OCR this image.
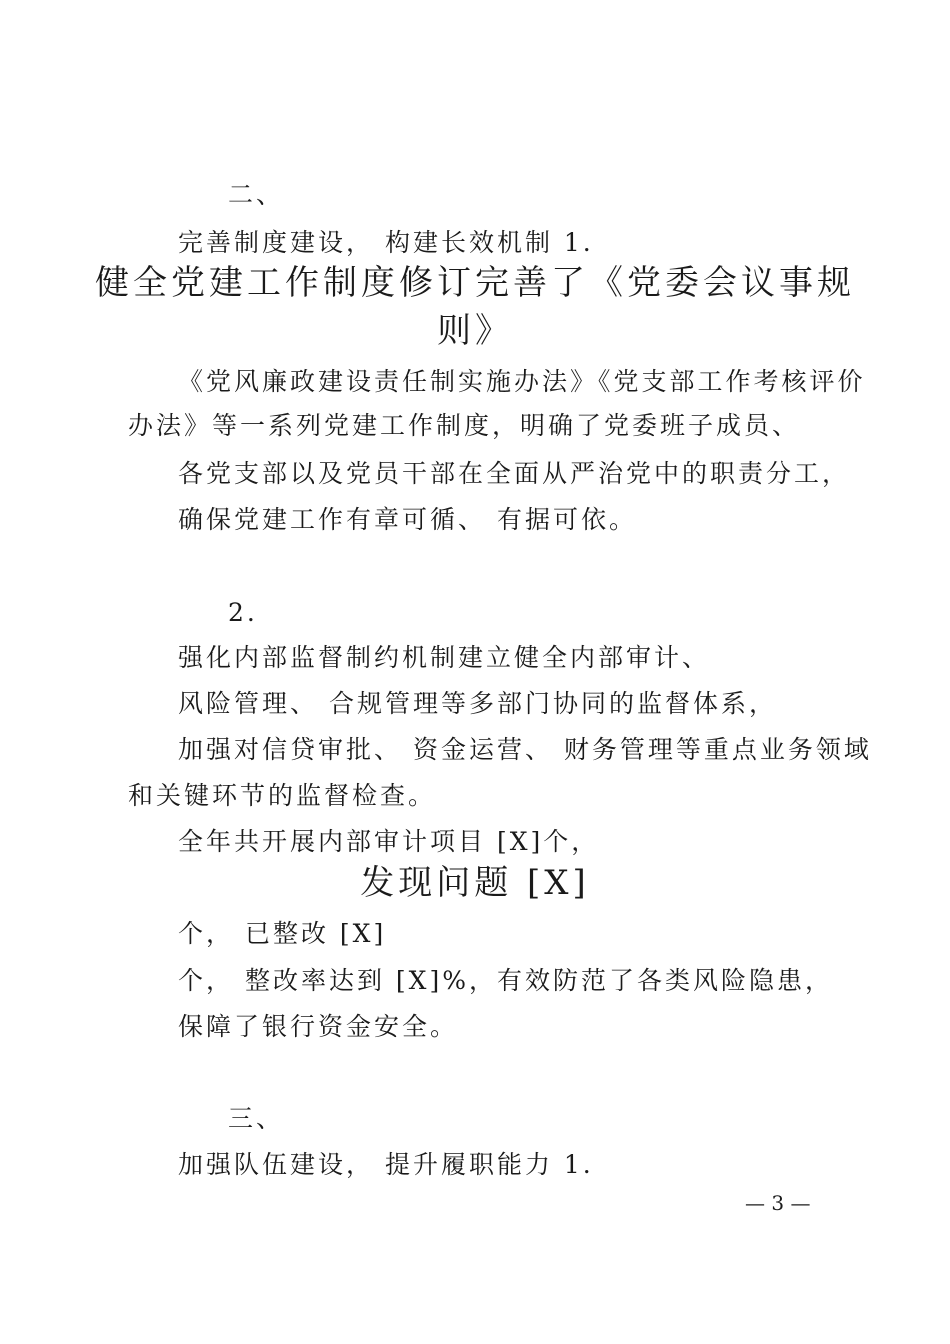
二、
完善制度建设， 构建长效机制 1.
健全党建工作制度修订完善了《党委会议事规
则》
《党风廉政建设责任制实施办法》《党支部工作考核评价
办法》等一系列党建工作制度，明确了党委班子成员、
各党支部以及党员干部在全面从严治党中的职责分工，
确保党建工作有章可循、 有据可依。
2.
强化内部监督制约机制建立健全内部审计、
风险管理、 合规管理等多部门协同的监督体系，
加强对信贷审批、 资金运营、 财务管理等重点业务领域
和关键环节的监督检查。
全年共开展内部审计项目 [X]个，
发现问题 [X]
个， 已整改 [X]
个， 整改率达到 [X]%，有效防范了各类风险隐患，
保障了银行资金安全。
三、
加强队伍建设， 提升履职能力 1.
— 3 —
